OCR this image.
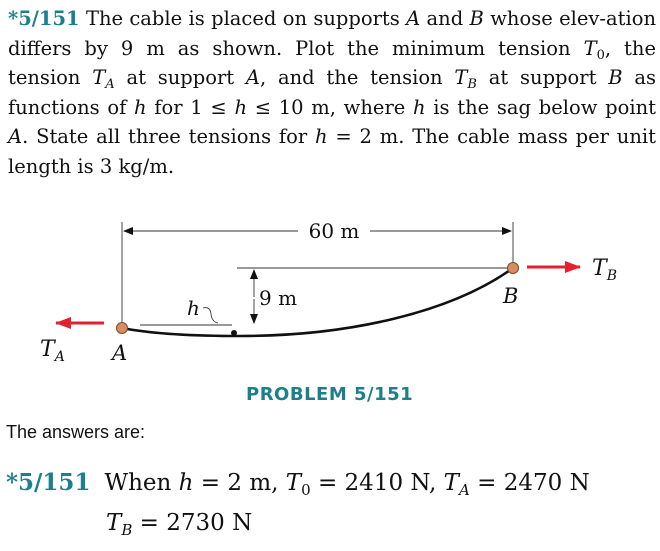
*5/151 The cable is placed on supports A and B whose elev-ation differs by 9 m as shown. Plot the minimum tension $T_0$, the tension $T_A$ at support A, and the tension $T_B$ at support B as functions of h for 1 ≤ h ≤ 10 m, where h is the sag below point A. State all three tensions for h = 2 m. The cable mass per unit length is 3 kg/m.
60 m
9 m
h
A
B
$T_A$
$T_B$
PROBLEM 5/151
The answers are:
*5/151 When h = 2 m, $T_0 = 2410$ N, $T_A = 2470$ N
$T_B = 2730$ N
